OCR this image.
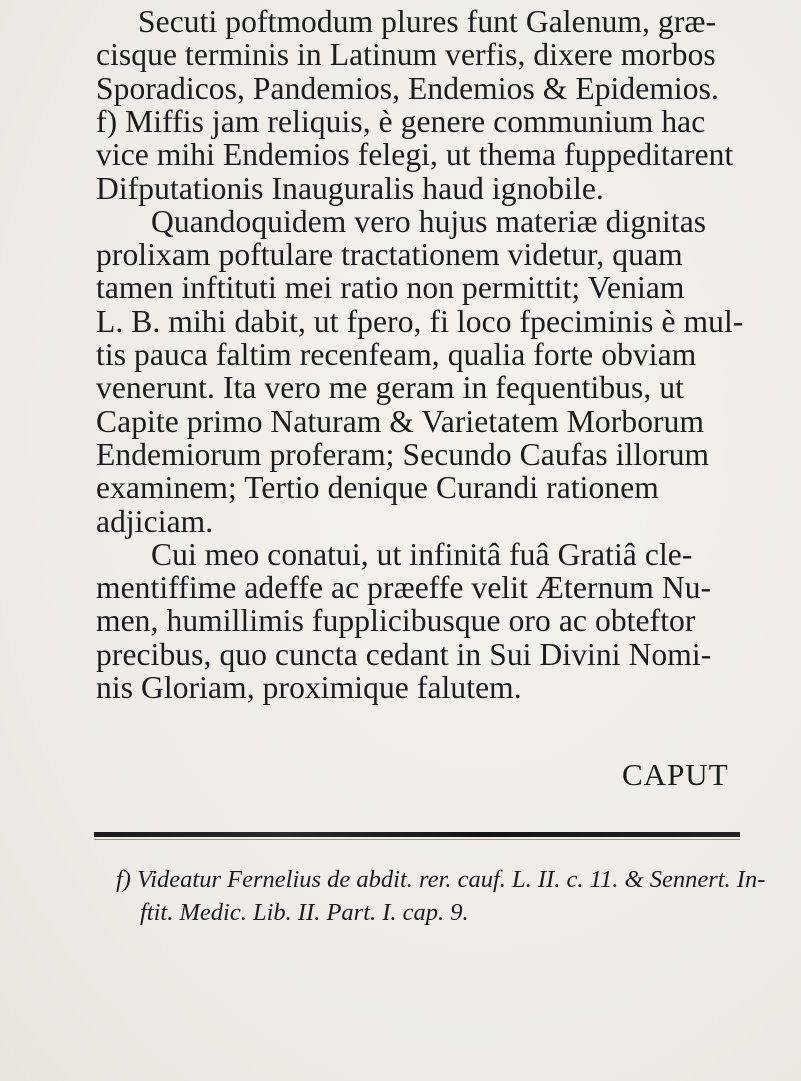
Secuti poftmodum plures funt Galenum, græ-
cisque terminis in Latinum verfis, dixere morbos
Sporadicos, Pandemios, Endemios & Epidemios.
f) Miffis jam reliquis, è genere communium hac
vice mihi Endemios felegi, ut thema fuppeditarent
Difputationis Inauguralis haud ignobile.
Quandoquidem vero hujus materiæ dignitas
prolixam poftulare tractationem videtur, quam
tamen inftituti mei ratio non permittit; Veniam
L. B. mihi dabit, ut fpero, fi loco fpeciminis è mul-
tis pauca faltim recenfeam, qualia forte obviam
venerunt. Ita vero me geram in fequentibus, ut
Capite primo Naturam & Varietatem Morborum
Endemiorum proferam; Secundo Caufas illorum
examinem; Tertio denique Curandi rationem
adjiciam.
Cui meo conatui, ut infinitâ fuâ Gratiâ cle-
mentiffime adeffe ac præeffe velit Æternum Nu-
men, humillimis fupplicibusque oro ac obteftor
precibus, quo cuncta cedant in Sui Divini Nomi-
nis Gloriam, proximique falutem.
CAPUT
f) Videatur Fernelius de abdit. rer. cauf. L. II. c. 11. & Sennert. In-
ftit. Medic. Lib. II. Part. I. cap. 9.
